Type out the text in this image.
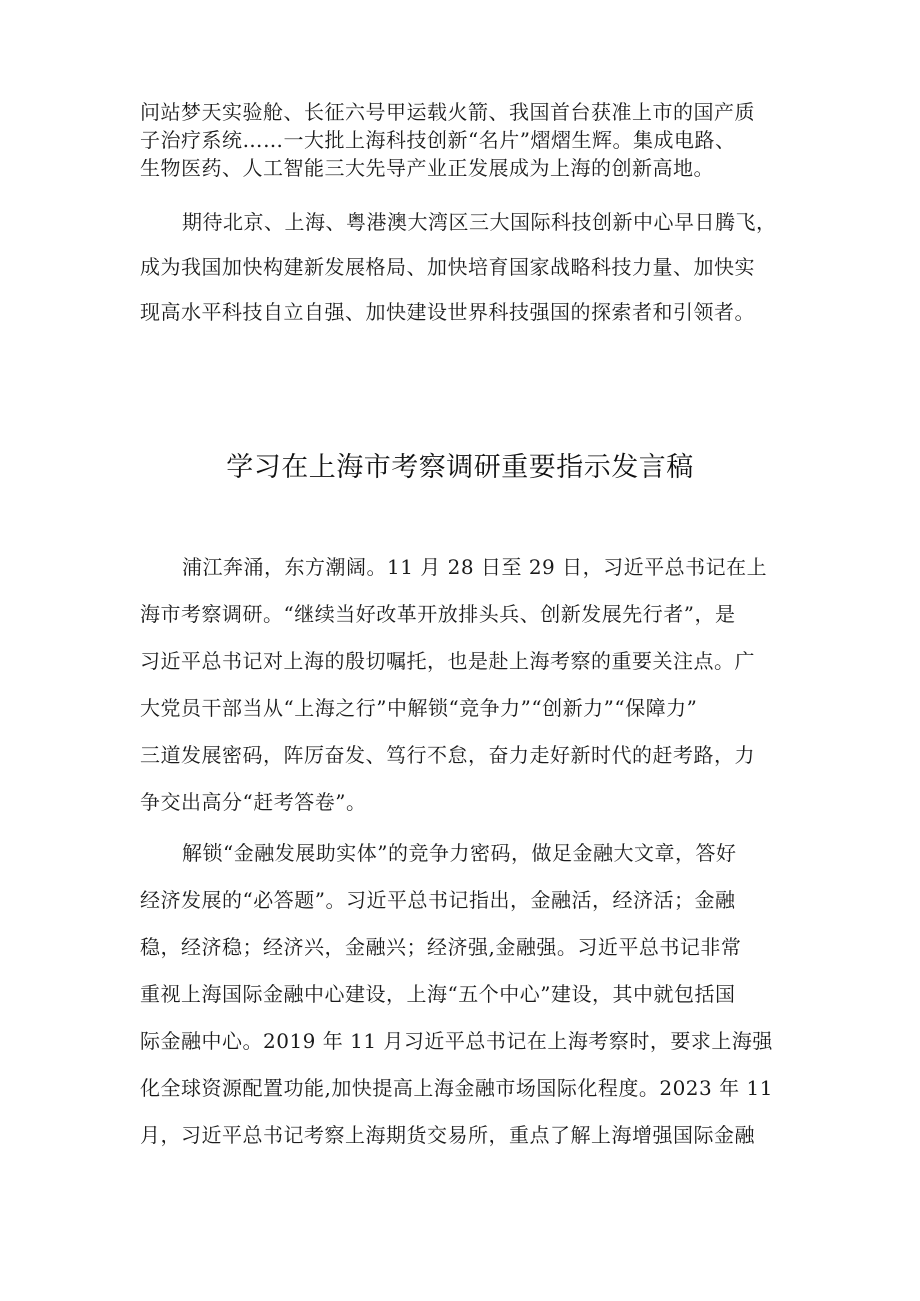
问站梦天实验舱、长征六号甲运载火箭、我国首台获准上市的国产质
子治疗系统……一大批上海科技创新“名片”熠熠生辉。集成电路、
生物医药、人工智能三大先导产业正发展成为上海的创新高地。

期待北京、上海、粤港澳大湾区三大国际科技创新中心早日腾飞，
成为我国加快构建新发展格局、加快培育国家战略科技力量、加快实
现高水平科技自立自强、加快建设世界科技强国的探索者和引领者。

学习在上海市考察调研重要指示发言稿

浦江奔涌，东方潮阔。11 月 28 日至 29 日，习近平总书记在上
海市考察调研。“继续当好改革开放排头兵、创新发展先行者”，是
习近平总书记对上海的殷切嘱托，也是赴上海考察的重要关注点。广
大党员干部当从“上海之行”中解锁“竞争力”“创新力”“保障力”
三道发展密码，阵厉奋发、笃行不怠，奋力走好新时代的赶考路，力
争交出高分“赶考答卷”。

解锁“金融发展助实体”的竞争力密码，做足金融大文章，答好
经济发展的“必答题”。习近平总书记指出，金融活，经济活；金融
稳，经济稳；经济兴，金融兴；经济强,金融强。习近平总书记非常
重视上海国际金融中心建设，上海“五个中心”建设，其中就包括国
际金融中心。2019 年 11 月习近平总书记在上海考察时，要求上海强
化全球资源配置功能,加快提高上海金融市场国际化程度。2023 年 11
月，习近平总书记考察上海期货交易所，重点了解上海增强国际金融
